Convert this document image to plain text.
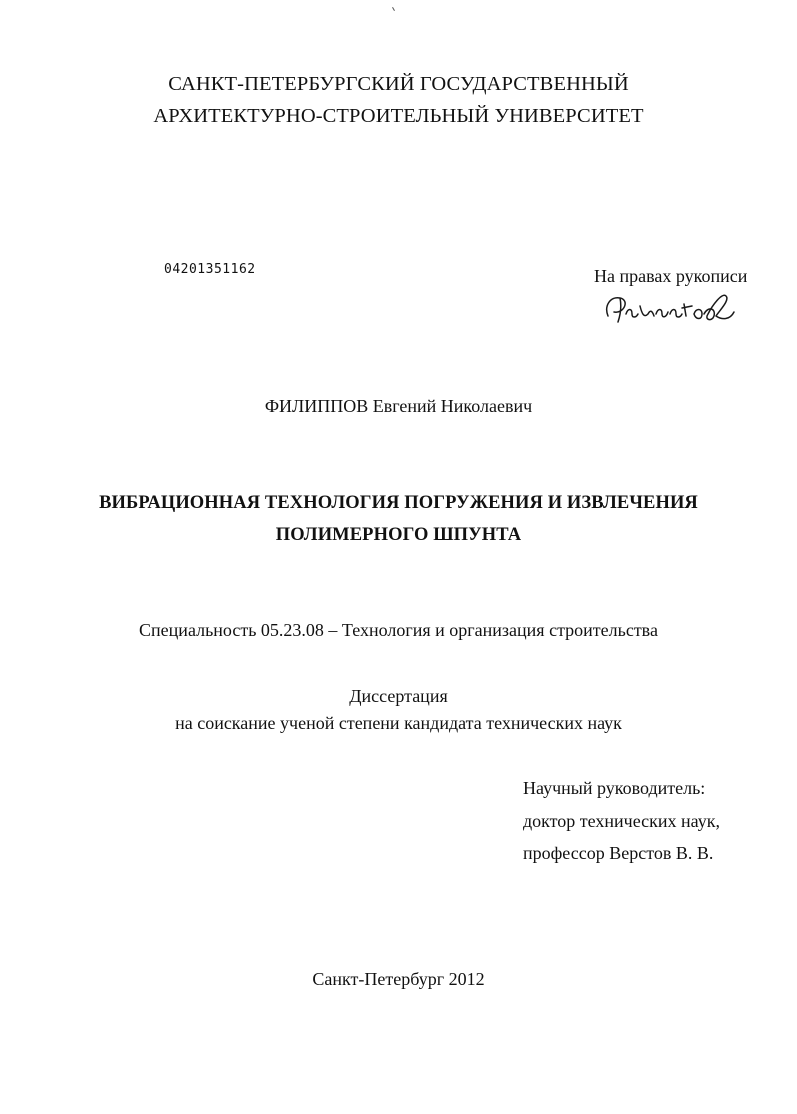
САНКТ-ПЕТЕРБУРГСКИЙ ГОСУДАРСТВЕННЫЙ

АРХИТЕКТУРНО-СТРОИТЕЛЬНЫЙ УНИВЕРСИТЕТ

04201351162	На правах рукописи

ФИЛИППОВ Евгений Николаевич

ВИБРАЦИОННАЯ ТЕХНОЛОГИЯ ПОГРУЖЕНИЯ И ИЗВЛЕЧЕНИЯ

ПОЛИМЕРНОГО ШПУНТА

Специальность 05.23.08 – Технология и организация строительства

Диссертация

на соискание ученой степени кандидата технических наук

Научный руководитель:

доктор технических наук,

профессор Верстов В. В.

Санкт-Петербург 2012
